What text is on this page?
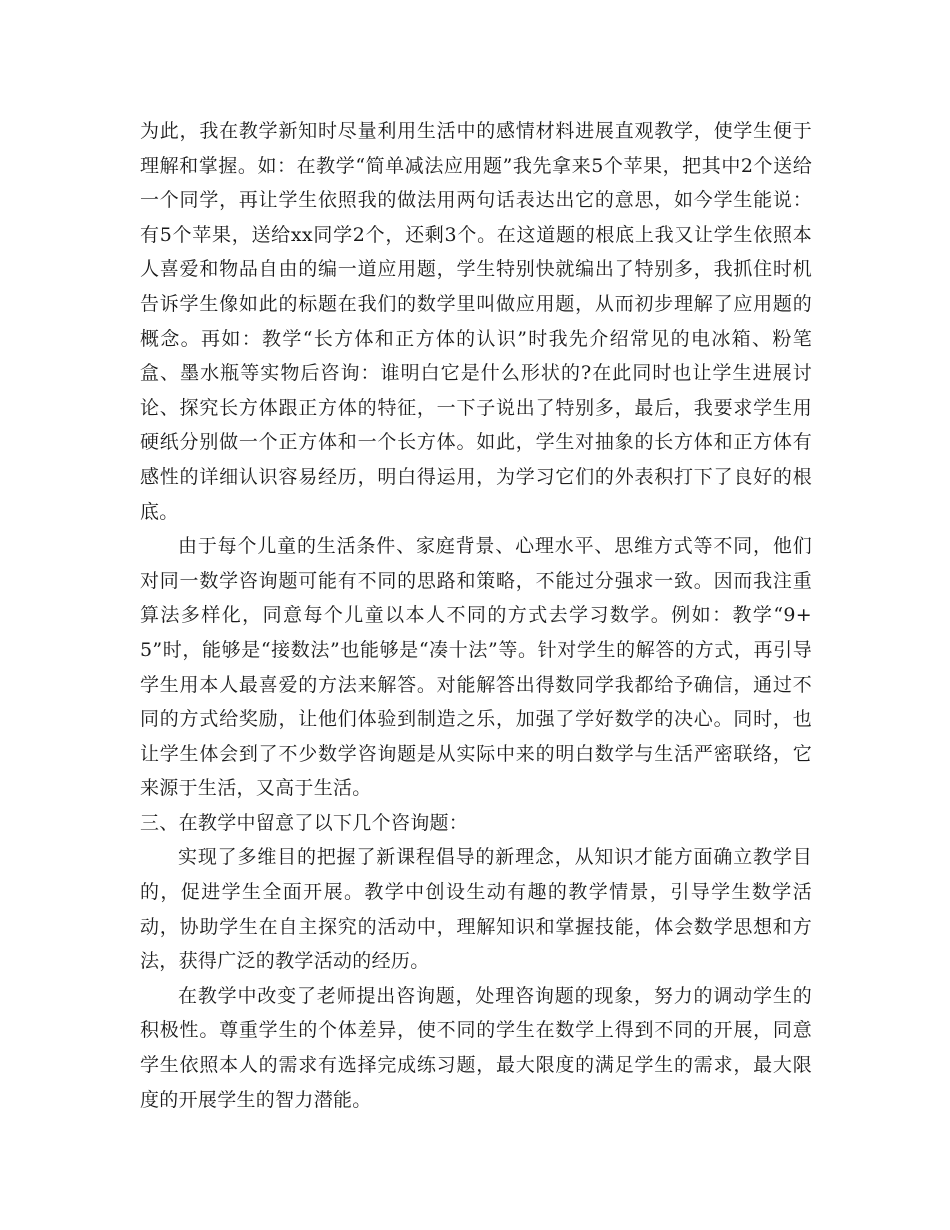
为此，我在教学新知时尽量利用生活中的感情材料进展直观教学，使学生便于理解和掌握。如：在教学“简单减法应用题”我先拿来5个苹果，把其中2个送给一个同学，再让学生依照我的做法用两句话表达出它的意思，如今学生能说：有5个苹果，送给xx同学2个，还剩3个。在这道题的根底上我又让学生依照本人喜爱和物品自由的编一道应用题，学生特别快就编出了特别多，我抓住时机告诉学生像如此的标题在我们的数学里叫做应用题，从而初步理解了应用题的概念。再如：教学“长方体和正方体的认识”时我先介绍常见的电冰箱、粉笔盒、墨水瓶等实物后咨询：谁明白它是什么形状的?在此同时也让学生进展讨论、探究长方体跟正方体的特征，一下子说出了特别多，最后，我要求学生用硬纸分别做一个正方体和一个长方体。如此，学生对抽象的长方体和正方体有感性的详细认识容易经历，明白得运用，为学习它们的外表积打下了良好的根底。

由于每个儿童的生活条件、家庭背景、心理水平、思维方式等不同，他们对同一数学咨询题可能有不同的思路和策略，不能过分强求一致。因而我注重算法多样化，同意每个儿童以本人不同的方式去学习数学。例如：教学“9+5”时，能够是“接数法”也能够是“凑十法”等。针对学生的解答的方式，再引导学生用本人最喜爱的方法来解答。对能解答出得数同学我都给予确信，通过不同的方式给奖励，让他们体验到制造之乐，加强了学好数学的决心。同时，也让学生体会到了不少数学咨询题是从实际中来的明白数学与生活严密联络，它来源于生活，又高于生活。

三、在教学中留意了以下几个咨询题：

实现了多维目的把握了新课程倡导的新理念，从知识才能方面确立教学目的，促进学生全面开展。教学中创设生动有趣的教学情景，引导学生数学活动，协助学生在自主探究的活动中，理解知识和掌握技能，体会数学思想和方法，获得广泛的教学活动的经历。

在教学中改变了老师提出咨询题，处理咨询题的现象，努力的调动学生的积极性。尊重学生的个体差异，使不同的学生在数学上得到不同的开展，同意学生依照本人的需求有选择完成练习题，最大限度的满足学生的需求，最大限度的开展学生的智力潜能。
